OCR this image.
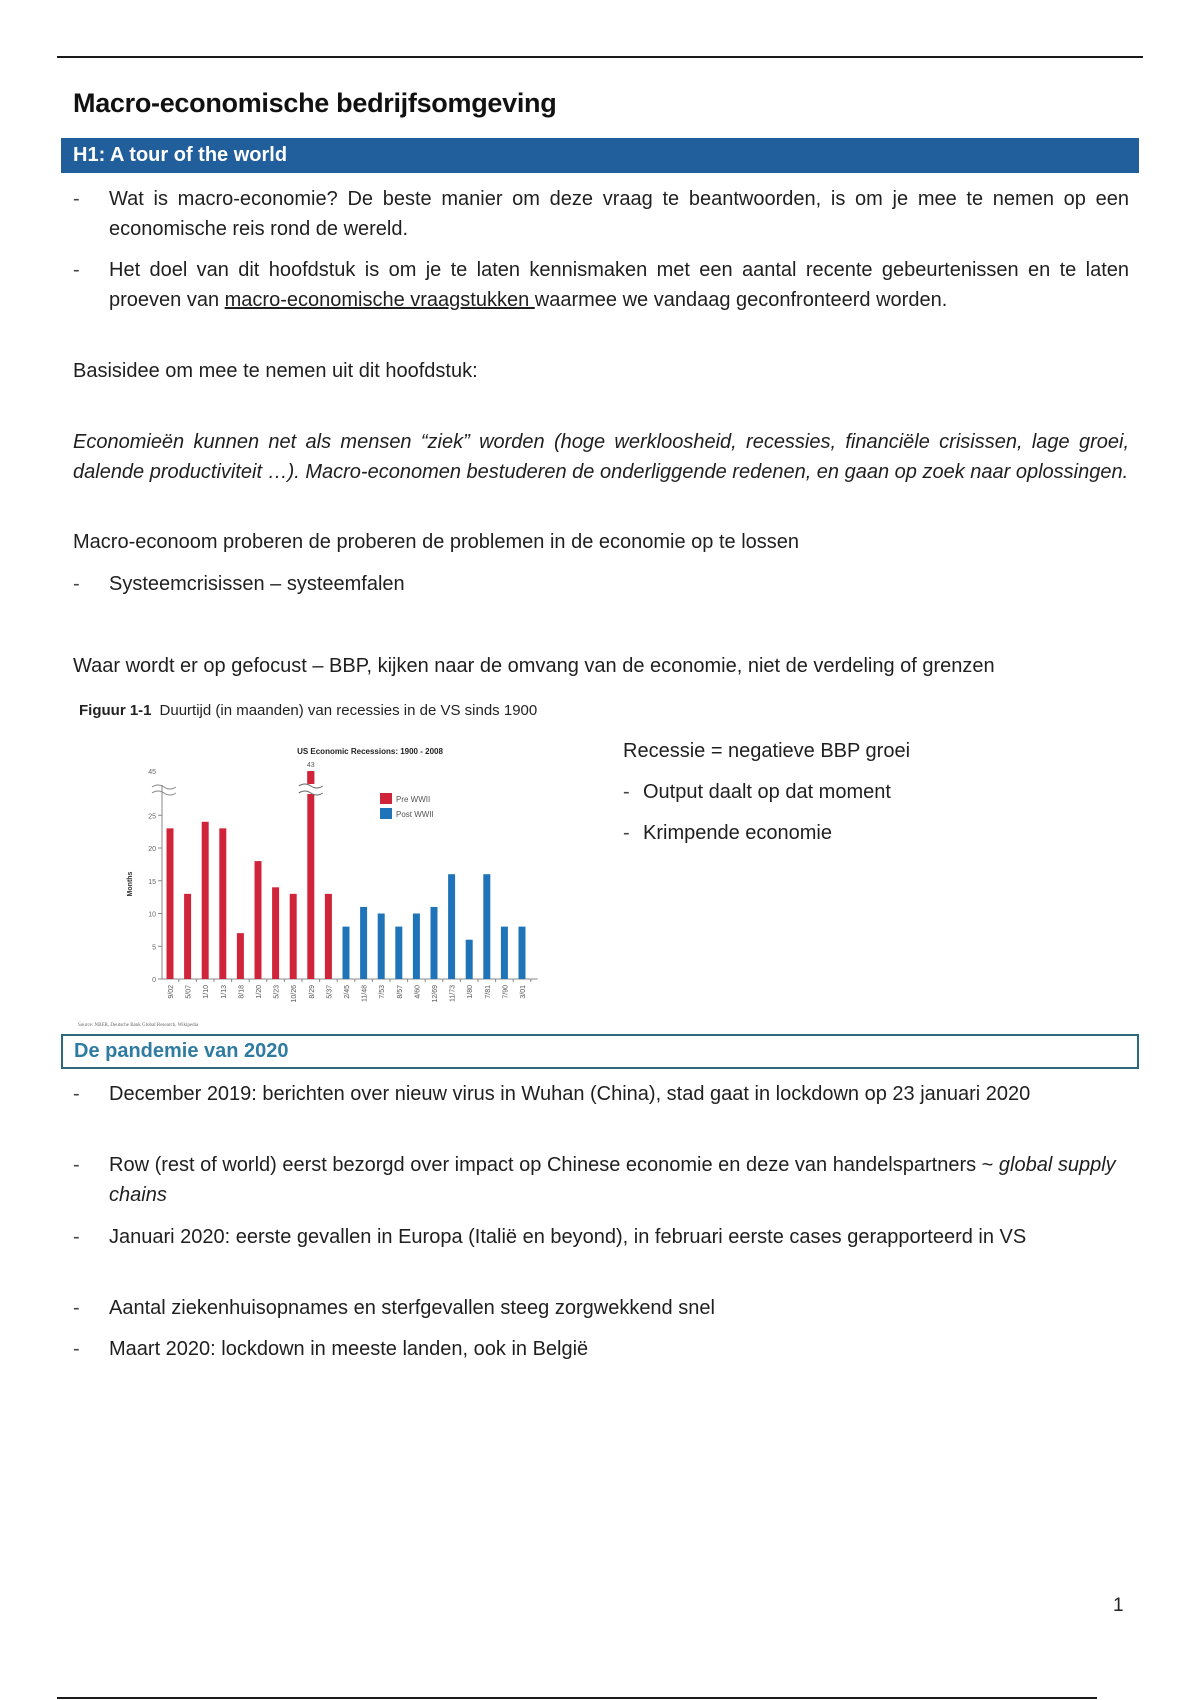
Macro-economische bedrijfsomgeving
H1: A tour of the world
-	Wat is macro-economie? De beste manier om deze vraag te beantwoorden, is om je mee te nemen op een economische reis rond de wereld.
-	Het doel van dit hoofdstuk is om je te laten kennismaken met een aantal recente gebeurtenissen en te laten proeven van macro-economische vraagstukken waarmee we vandaag geconfronteerd worden.
Basisidee om mee te nemen uit dit hoofdstuk:
Economieën kunnen net als mensen “ziek” worden (hoge werkloosheid, recessies, financiële crisissen, lage groei, dalende productiviteit …). Macro-economen bestuderen de onderliggende redenen, en gaan op zoek naar oplossingen.
Macro-econoom proberen de proberen de problemen in de economie op te lossen
-	Systeemcrisissen – systeemfalen
Waar wordt er op gefocust – BBP, kijken naar de omvang van de economie, niet de verdeling of grenzen
Figuur 1-1 Duurtijd (in maanden) van recessies in de VS sinds 1900
US Economic Recessions: 1900 - 2008
0
5
10
15
20
25
45
Months
9/02 5/07 1/10 1/13 8/18 1/20 5/23 10/26
43
8/29 5/37 2/45 11/48 7/53 8/57 4/60 12/69 11/73 1/80 7/81 7/90 3/01
Pre WWII
Post WWII
Source: NBER, Deutsche Bank Global Research, Wikipedia
Recessie = negatieve BBP groei
- Output daalt op dat moment
- Krimpende economie
De pandemie van 2020
-	December 2019: berichten over nieuw virus in Wuhan (China), stad gaat in lockdown op 23 januari 2020
-	Row (rest of world) eerst bezorgd over impact op Chinese economie en deze van handelspartners ~ global supply chains
-	Januari 2020: eerste gevallen in Europa (Italië en beyond), in februari eerste cases gerapporteerd in VS
-	Aantal ziekenhuisopnames en sterfgevallen steeg zorgwekkend snel
-	Maart 2020: lockdown in meeste landen, ook in België
1
